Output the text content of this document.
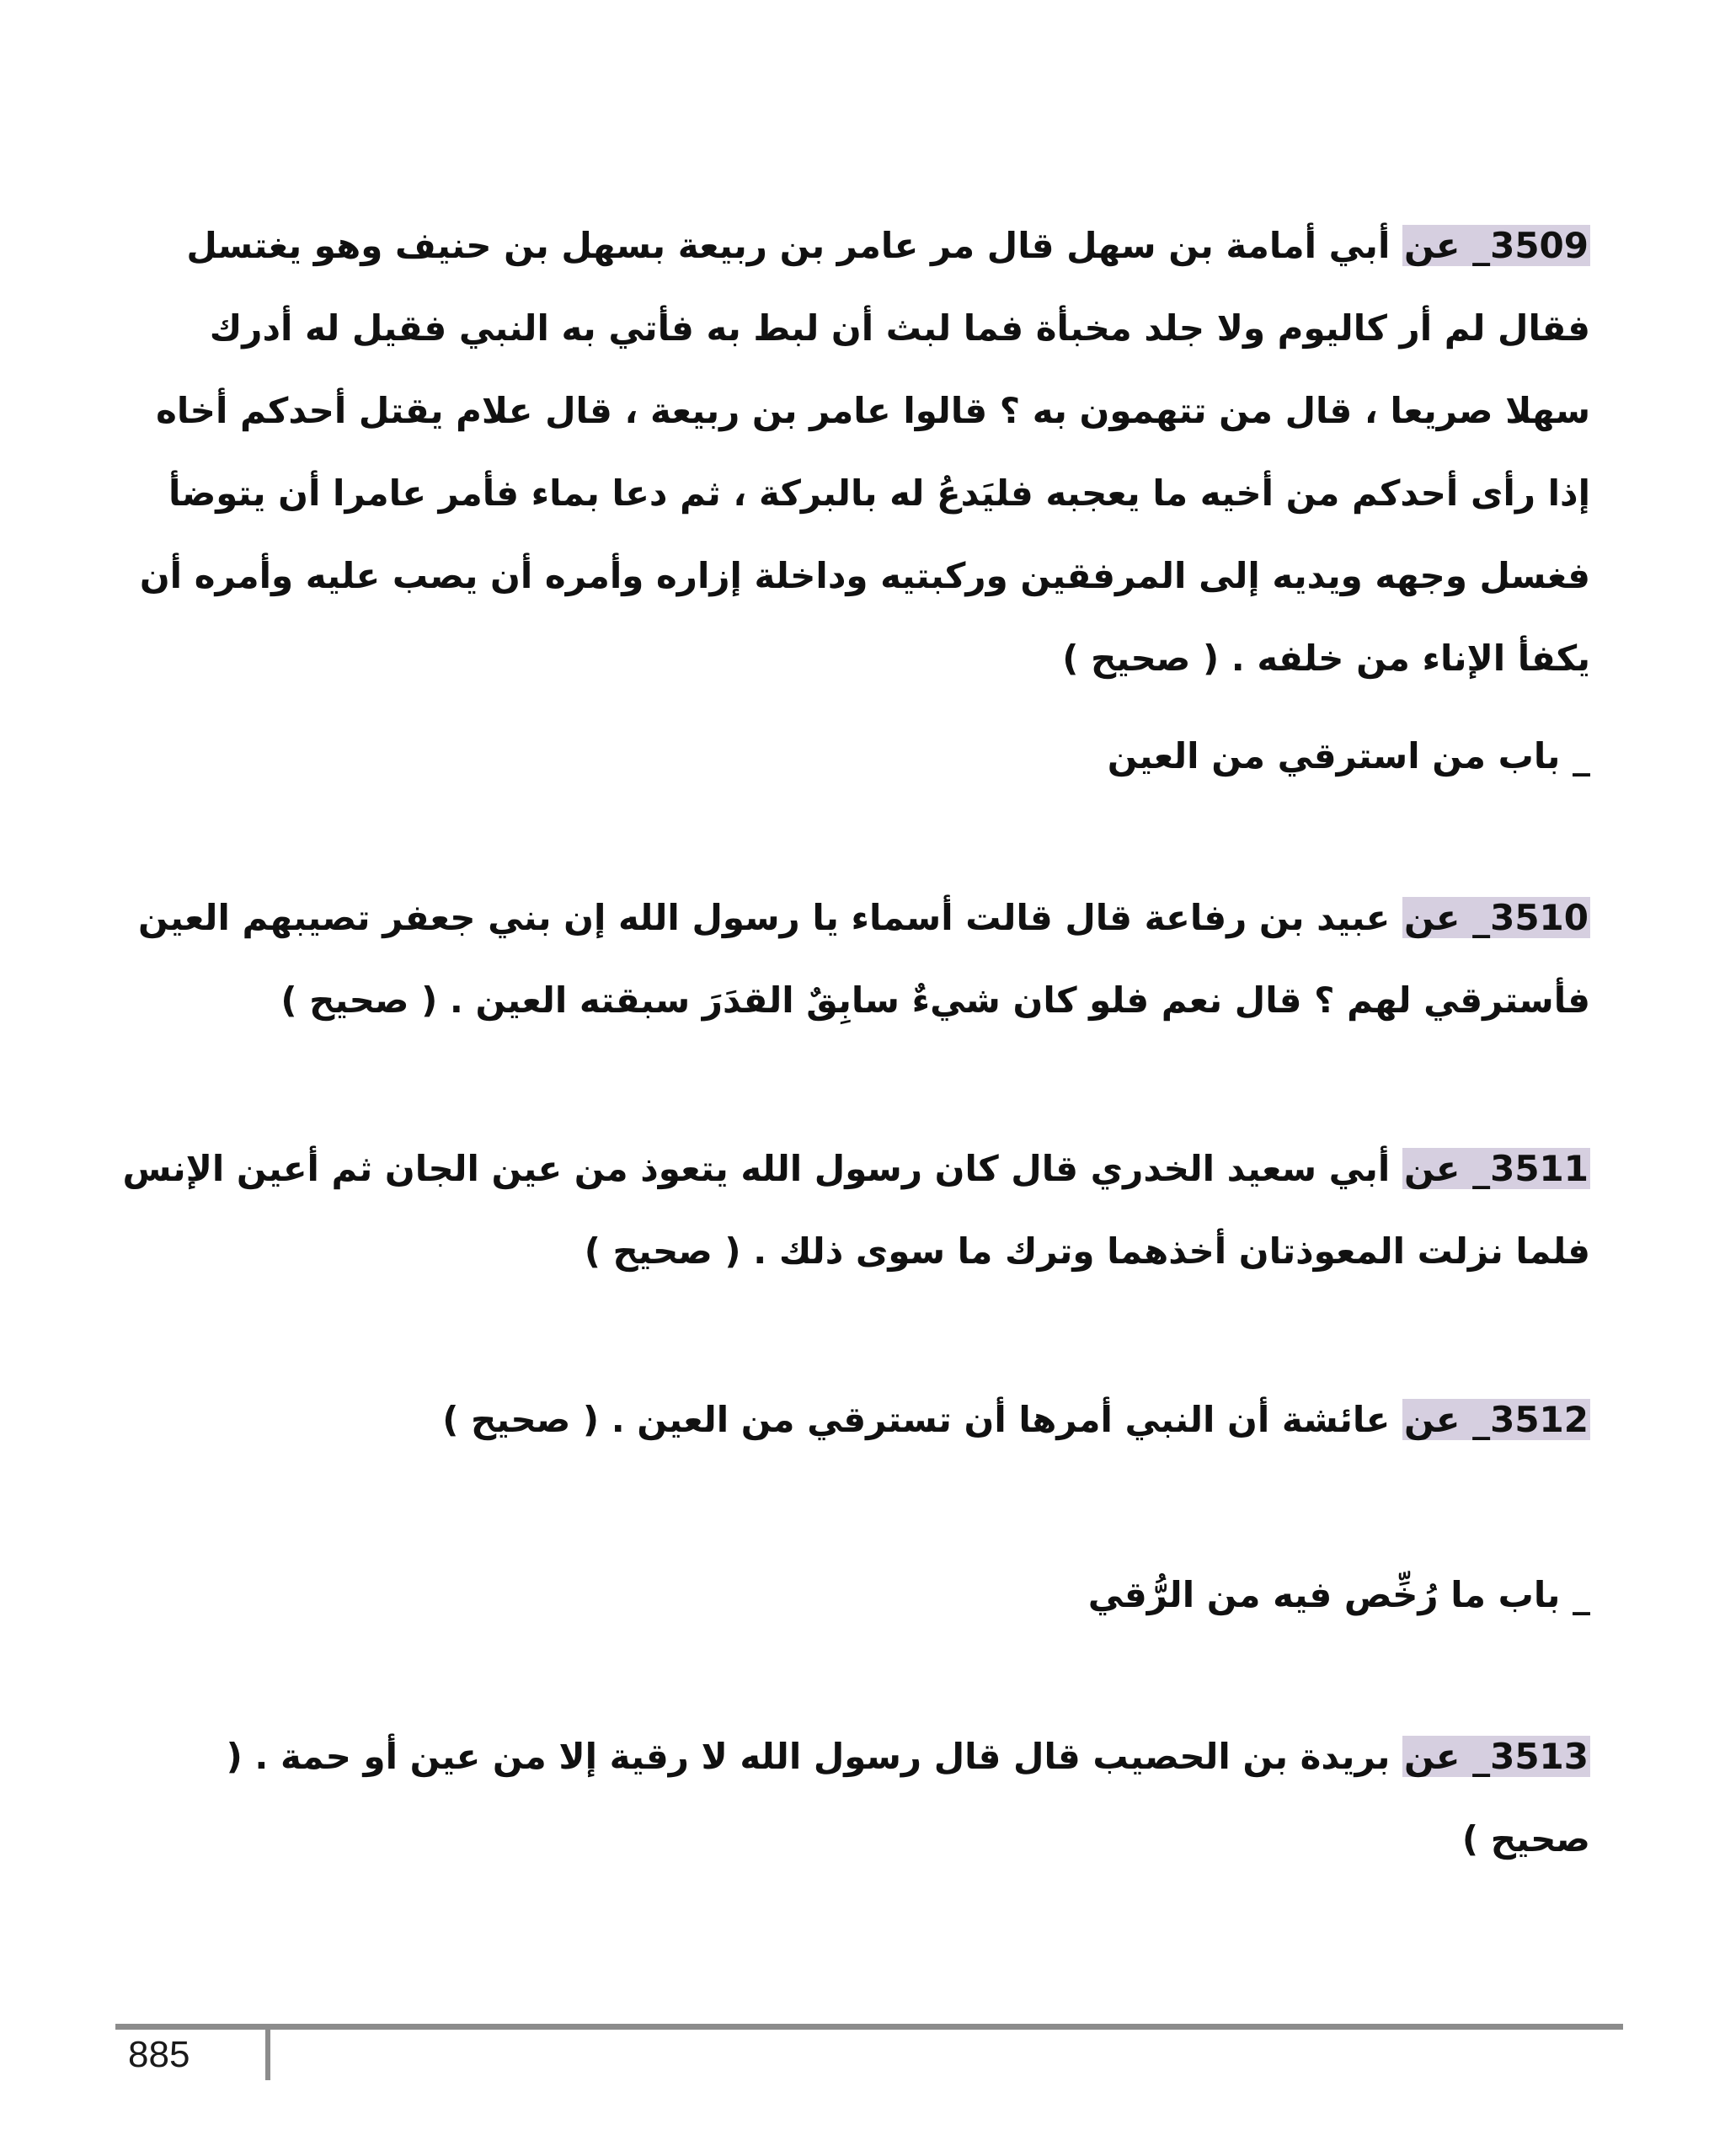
3509_ عن أبي أمامة بن سهل قال مر عامر بن ربيعة بسهل بن حنيف وهو يغتسل فقال لم أر كاليوم ولا جلد مخبأة فما لبث أن لبط به فأتي به النبي فقيل له أدرك سهلا صريعا ، قال من تتهمون به ؟ قالوا عامر بن ربيعة ، قال علام يقتل أحدكم أخاه إذا رأى أحدكم من أخيه ما يعجبه فليَدعُ له بالبركة ، ثم دعا بماء فأمر عامرا أن يتوضأ فغسل وجهه ويديه إلى المرفقين وركبتيه وداخلة إزاره وأمره أن يصب عليه وأمره أن يكفأ الإناء من خلفه . ( صحيح )
_ باب من استرقي من العين
3510_ عن عبيد بن رفاعة قال قالت أسماء يا رسول الله إن بني جعفر تصيبهم العين فأسترقي لهم ؟ قال نعم فلو كان شيءٌ سابِقٌ القدَرَ سبقته العين . ( صحيح )
3511_ عن أبي سعيد الخدري قال كان رسول الله يتعوذ من عين الجان ثم أعين الإنس فلما نزلت المعوذتان أخذهما وترك ما سوى ذلك . ( صحيح )
3512_ عن عائشة أن النبي أمرها أن تسترقي من العين . ( صحيح )
_ باب ما رُخِّص فيه من الرُّقي
3513_ عن بريدة بن الحصيب قال قال رسول الله لا رقية إلا من عين أو حمة . ( صحيح )
885
